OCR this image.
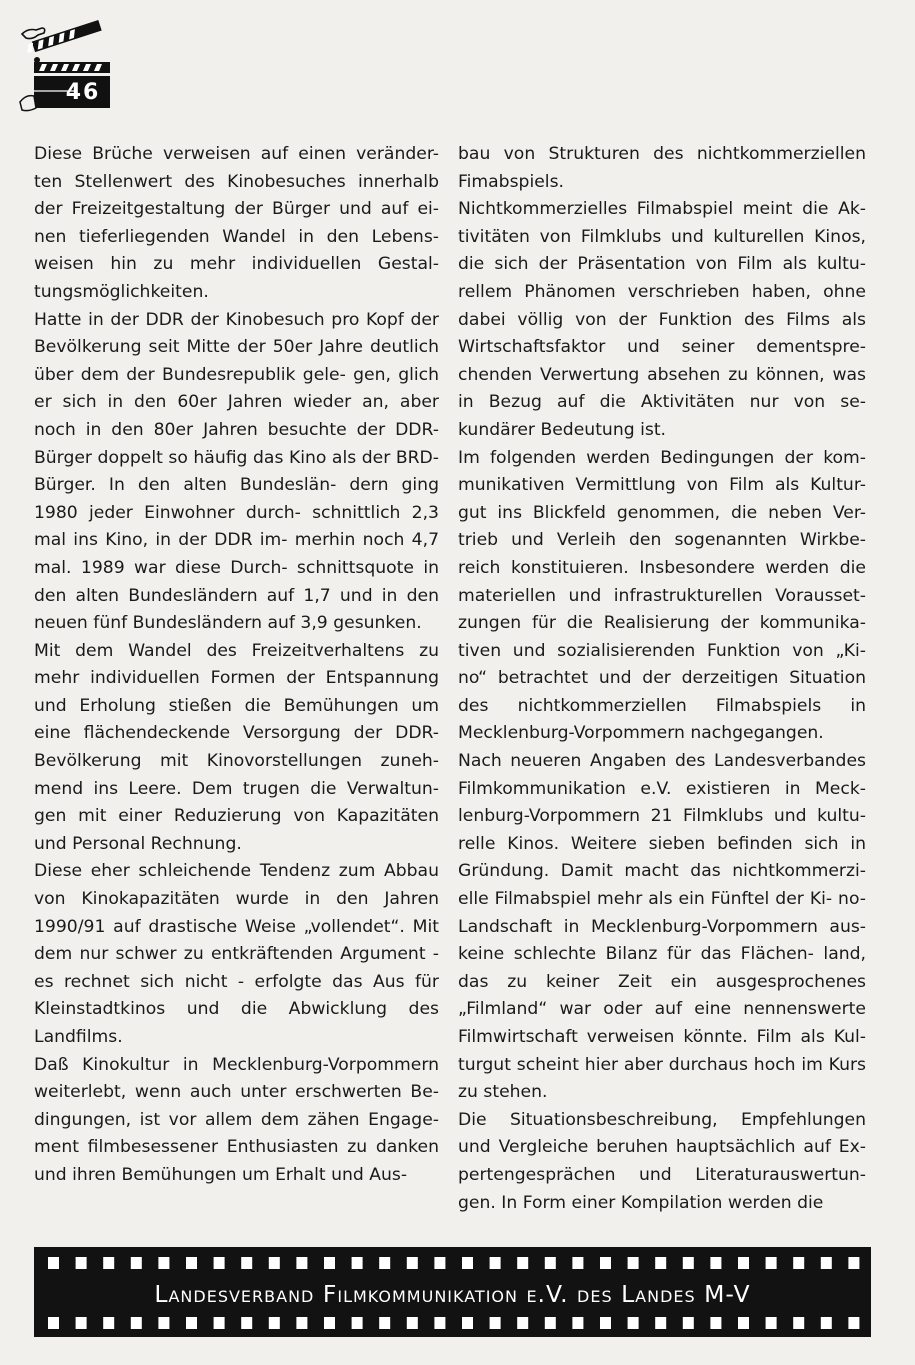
46

Diese Brüche verweisen auf einen veränder- ten Stellenwert des Kinobesuches innerhalb der Freizeitgestaltung der Bürger und auf ei- nen tieferliegenden Wandel in den Lebens- weisen hin zu mehr individuellen Gestal- tungsmöglichkeiten.

Hatte in der DDR der Kinobesuch pro Kopf der Bevölkerung seit Mitte der 50er Jahre deutlich über dem der Bundesrepublik gele- gen, glich er sich in den 60er Jahren wieder an, aber noch in den 80er Jahren besuchte der DDR-Bürger doppelt so häufig das Kino als der BRD-Bürger. In den alten Bundeslän- dern ging 1980 jeder Einwohner durch- schnittlich 2,3 mal ins Kino, in der DDR im- merhin noch 4,7 mal. 1989 war diese Durch- schnittsquote in den alten Bundesländern auf 1,7 und in den neuen fünf Bundesländern auf 3,9 gesunken.

Mit dem Wandel des Freizeitverhaltens zu mehr individuellen Formen der Entspannung und Erholung stießen die Bemühungen um eine flächendeckende Versorgung der DDR- Bevölkerung mit Kinovorstellungen zuneh- mend ins Leere. Dem trugen die Verwaltun- gen mit einer Reduzierung von Kapazitäten und Personal Rechnung.

Diese eher schleichende Tendenz zum Abbau von Kinokapazitäten wurde in den Jahren 1990/91 auf drastische Weise „vollendet“. Mit dem nur schwer zu entkräftenden Argument - es rechnet sich nicht - erfolgte das Aus für Kleinstadtkinos und die Abwicklung des Landfilms.

Daß Kinokultur in Mecklenburg-Vorpommern weiterlebt, wenn auch unter erschwerten Be- dingungen, ist vor allem dem zähen Engage- ment filmbesessener Enthusiasten zu danken und ihren Bemühungen um Erhalt und Aus-

bau von Strukturen des nichtkommerziellen Fimabspiels.

Nichtkommerzielles Filmabspiel meint die Ak- tivitäten von Filmklubs und kulturellen Kinos, die sich der Präsentation von Film als kultu- rellem Phänomen verschrieben haben, ohne dabei völlig von der Funktion des Films als Wirtschaftsfaktor und seiner dementspre- chenden Verwertung absehen zu können, was in Bezug auf die Aktivitäten nur von se- kundärer Bedeutung ist.

Im folgenden werden Bedingungen der kom- munikativen Vermittlung von Film als Kultur- gut ins Blickfeld genommen, die neben Ver- trieb und Verleih den sogenannten Wirkbe- reich konstituieren. Insbesondere werden die materiellen und infrastrukturellen Vorausset- zungen für die Realisierung der kommunika- tiven und sozialisierenden Funktion von „Ki- no“ betrachtet und der derzeitigen Situation des nichtkommerziellen Filmabspiels in Mecklenburg-Vorpommern nachgegangen.

Nach neueren Angaben des Landesverbandes Filmkommunikation e.V. existieren in Meck- lenburg-Vorpommern 21 Filmklubs und kultu- relle Kinos. Weitere sieben befinden sich in Gründung. Damit macht das nichtkommerzi- elle Filmabspiel mehr als ein Fünftel der Ki- no-Landschaft in Mecklenburg-Vorpommern aus- keine schlechte Bilanz für das Flächen- land, das zu keiner Zeit ein ausgesprochenes „Filmland“ war oder auf eine nennenswerte Filmwirtschaft verweisen könnte. Film als Kul- turgut scheint hier aber durchaus hoch im Kurs zu stehen.

Die Situationsbeschreibung, Empfehlungen und Vergleiche beruhen hauptsächlich auf Ex- pertengesprächen und Literaturauswertun- gen. In Form einer Kompilation werden die

Landesverband Filmkommunikation e.V. des Landes M-V
